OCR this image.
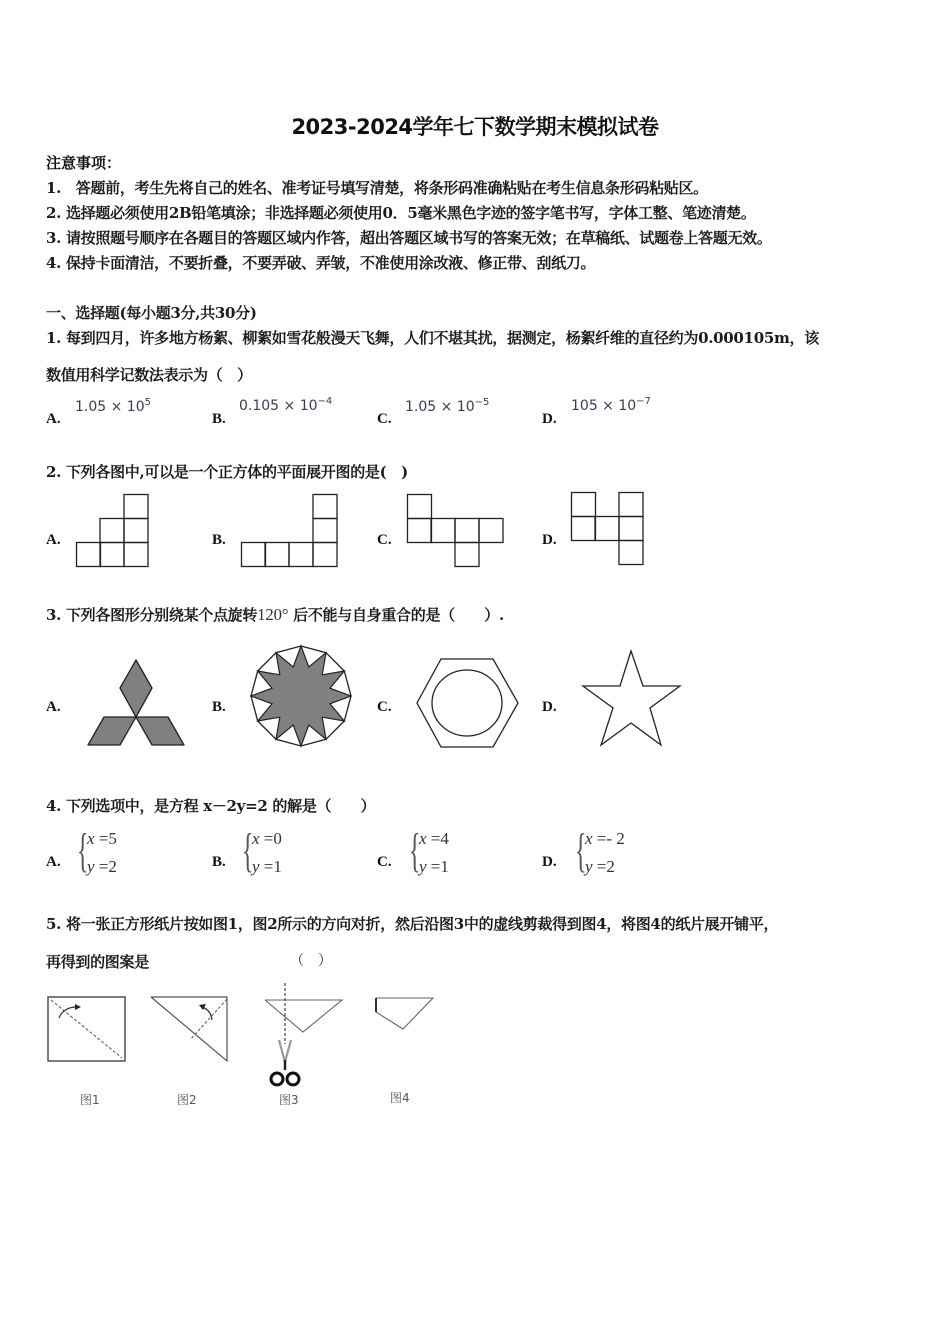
2023-2024学年七下数学期末模拟试卷
注意事项：
1.　答题前，考生先将自己的姓名、准考证号填写清楚，将条形码准确粘贴在考生信息条形码粘贴区。
2. 选择题必须使用2B铅笔填涂；非选择题必须使用0．5毫米黑色字迹的签字笔书写，字体工整、笔迹清楚。
3. 请按照题号顺序在各题目的答题区域内作答，超出答题区域书写的答案无效；在草稿纸、试题卷上答题无效。
4. 保持卡面清洁，不要折叠，不要弄破、弄皱，不准使用涂改液、修正带、刮纸刀。
一、选择题(每小题3分,共30分)
1. 每到四月，许多地方杨絮、柳絮如雪花般漫天飞舞，人们不堪其扰，据测定，杨絮纤维的直径约为0.000105m，该
数值用科学记数法表示为（　）
A.
$1.05 \times 10^5$
B.
$0.105 \times 10^{-4}$
C.
$1.05 \times 10^{-5}$
D.
$105 \times 10^{-7}$
2. 下列各图中,可以是一个正方体的平面展开图的是(　)
A.	B.	C.	D.
3. 下列各图形分别绕某个点旋转120° 后不能与自身重合的是（　　）.
A.	B.	C.	D.
4. 下列选项中，是方程 x－2y=2 的解是（　　）
A. {
x =5
y =2	B. {
x =0
y =1	C. {
x =4
y =1	D. {
x =- 2
y =2
5. 将一张正方形纸片按如图1，图2所示的方向对折，然后沿图3中的虚线剪裁得到图4，将图4的纸片展开铺平，
再得到的图案是	（　）
图1	图2	图3	图4
